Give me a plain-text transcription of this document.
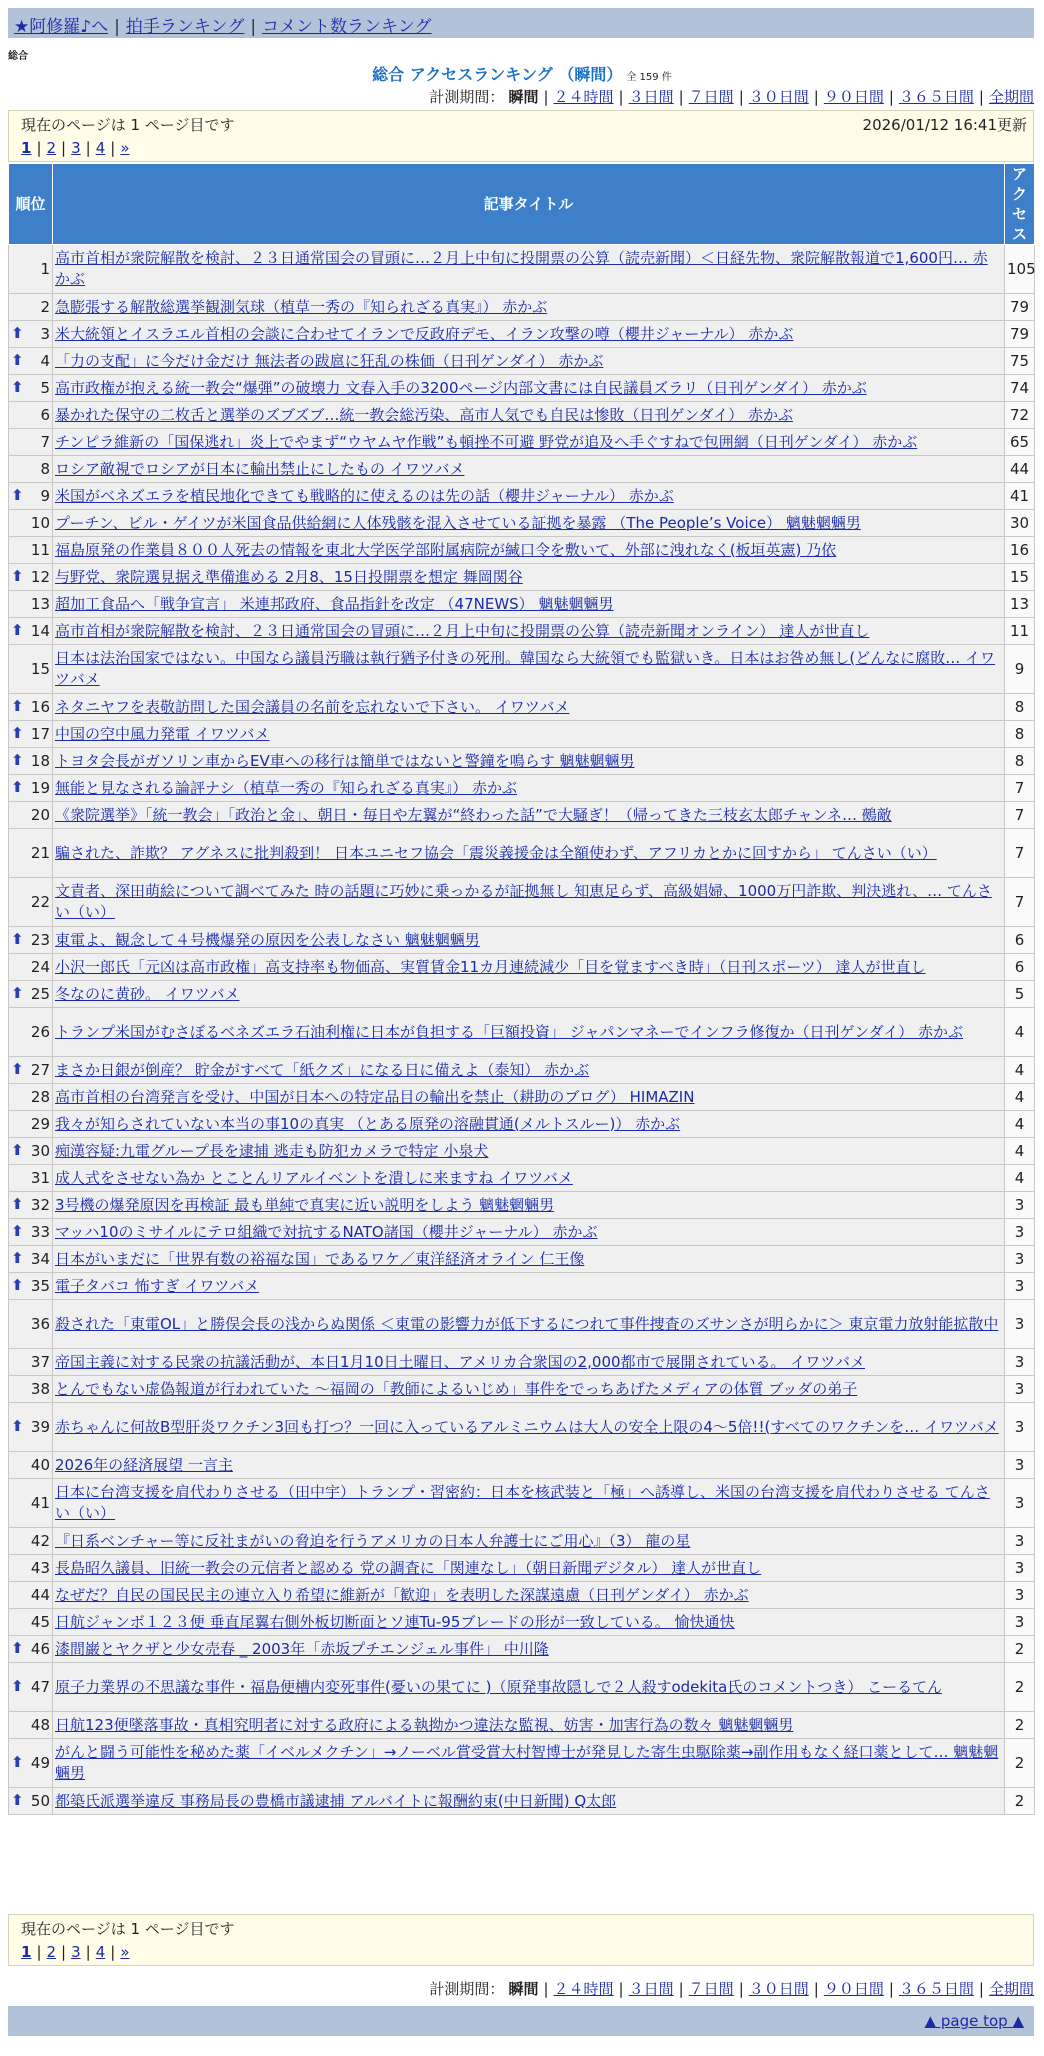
★阿修羅♪へ | 拍手ランキング | コメント数ランキング
総合
総合 アクセスランキング （瞬間） 全 159 件
計測期間： 瞬間 | ２４時間 | ３日間 | ７日間 | ３０日間 | ９０日間 | ３６５日間 | 全期間
現在のページは 1 ページ目です	2026/01/12 16:41更新
1 | 2 | 3 | 4 | »
順位	記事タイトル	アクセス
1	高市首相が衆院解散を検討、２３日通常国会の冒頭に…２月上中旬に投開票の公算（読売新聞）＜日経先物、衆院解散報道で1,600円… 赤かぶ	105
2	急膨張する解散総選挙観測気球（植草一秀の『知られざる真実』） 赤かぶ	79

⬆ 3	米大統領とイスラエル首相の会談に合わせてイランで反政府デモ、イラン攻撃の噂（櫻井ジャーナル） 赤かぶ	79

⬆ 4	「力の支配」に今だけ金だけ 無法者の跋扈に狂乱の株価（日刊ゲンダイ） 赤かぶ	75

⬆ 5	高市政権が抱える統一教会“爆弾”の破壊力 文春入手の3200ページ内部文書には自民議員ズラリ（日刊ゲンダイ） 赤かぶ	74
6	暴かれた保守の二枚舌と選挙のズブズブ…統一教会総汚染、高市人気でも自民は惨敗（日刊ゲンダイ） 赤かぶ	72
7	チンピラ維新の「国保逃れ」炎上でやまず“ウヤムヤ作戦”も頓挫不可避 野党が追及へ手ぐすねで包囲網（日刊ゲンダイ） 赤かぶ	65
8	ロシア敵視でロシアが日本に輸出禁止にしたもの イワツバメ	44

⬆ 9	米国がベネズエラを植民地化できても戦略的に使えるのは先の話（櫻井ジャーナル） 赤かぶ	41
10	プーチン、ビル・ゲイツが米国食品供給網に人体残骸を混入させている証拠を暴露 （The People’s Voice） 魑魅魍魎男	30
11	福島原発の作業員８００人死去の情報を東北大学医学部附属病院が緘口令を敷いて、外部に洩れなく(板垣英憲) 乃依	16

⬆ 12	与野党、衆院選見据え準備進める 2月8、15日投開票を想定 舞岡関谷	15
13	超加工食品へ「戦争宣言」 米連邦政府、食品指針を改定 （47NEWS） 魑魅魍魎男	13

⬆ 14	高市首相が衆院解散を検討、２３日通常国会の冒頭に…２月上中旬に投開票の公算（読売新聞オンライン） 達人が世直し	11
15	日本は法治国家ではない。中国なら議員汚職は執行猶予付きの死刑。韓国なら大統領でも監獄いき。日本はお咎め無し(どんなに腐敗… イワツバメ	9

⬆ 16	ネタニヤフを表敬訪問した国会議員の名前を忘れないで下さい。 イワツバメ	8

⬆ 17	中国の空中風力発電 イワツバメ	8

⬆ 18	トヨタ会長がガソリン車からEV車への移行は簡単ではないと警鐘を鳴らす 魑魅魍魎男	8

⬆ 19	無能と見なされる論評ナシ（植草一秀の『知られざる真実』） 赤かぶ	7
20	《衆院選挙》「統一教会」「政治と金」、朝日・毎日や左翼が“終わった話”で大騒ぎ！（帰ってきた三枝玄太郎チャンネ… 鵺敵	7
21	騙された、詐欺？ アグネスに批判殺到！ 日本ユニセフ協会「震災義援金は全額使わず、アフリカとかに回すから」 てんさい（い）	7
22	文責者、深田萌絵について調べてみた 時の話題に巧妙に乗っかるが証拠無し 知恵足らず、高級娼婦、1000万円詐欺、判決逃れ、… てんさい（い）	7

⬆ 23	東電よ、観念して４号機爆発の原因を公表しなさい 魑魅魍魎男	6
24	小沢一郎氏「元凶は高市政権」高支持率も物価高、実質賃金11カ月連続減少「目を覚ますべき時」（日刊スポーツ） 達人が世直し	6

⬆ 25	冬なのに黄砂。 イワツバメ	5
26	トランプ米国がむさぼるベネズエラ石油利権に日本が負担する「巨額投資」 ジャパンマネーでインフラ修復か（日刊ゲンダイ） 赤かぶ	4

⬆ 27	まさか日銀が倒産？ 貯金がすべて「紙クズ」になる日に備えよ（泰知） 赤かぶ	4
28	高市首相の台湾発言を受け、中国が日本への特定品目の輸出を禁止（耕助のブログ） HIMAZIN	4
29	我々が知らされていない本当の事10の真実 （とある原発の溶融貫通(メルトスルー)） 赤かぶ	4

⬆ 30	痴漢容疑:九電グループ長を逮捕 逃走も防犯カメラで特定 小泉犬	4
31	成人式をさせない為か とことんリアルイベントを潰しに来ますね イワツバメ	4

⬆ 32	3号機の爆発原因を再検証 最も単純で真実に近い説明をしよう 魑魅魍魎男	3

⬆ 33	マッハ10のミサイルにテロ組織で対抗するNATO諸国（櫻井ジャーナル） 赤かぶ	3

⬆ 34	日本がいまだに「世界有数の裕福な国」であるワケ／東洋経済オライン 仁王像	3

⬆ 35	電子タバコ 怖すぎ イワツバメ	3
36	殺された「東電OL」と勝俣会長の浅からぬ関係 ＜東電の影響力が低下するにつれて事件捜査のズサンさが明らかに＞ 東京電力放射能拡散中	3
37	帝国主義に対する民衆の抗議活動が、本日1月10日土曜日、アメリカ合衆国の2,000都市で展開されている。 イワツバメ	3
38	とんでもない虚偽報道が行われていた ～福岡の「教師によるいじめ」事件をでっちあげたメディアの体質 ブッダの弟子	3

⬆ 39	赤ちゃんに何故B型肝炎ワクチン3回も打つ？一回に入っているアルミニウムは大人の安全上限の4～5倍!!(すべてのワクチンを… イワツバメ	3
40	2026年の経済展望 一言主	3
41	日本に台湾支援を肩代わりさせる（田中宇）トランプ・習密約：日本を核武装と「極」へ誘導し、米国の台湾支援を肩代わりさせる てんさい（い）	3
42	『日系ベンチャー等に反社まがいの脅迫を行うアメリカの日本人弁護士にご用心』（3） 龍の星	3
43	長島昭久議員、旧統一教会の元信者と認める 党の調査に「関連なし」（朝日新聞デジタル） 達人が世直し	3
44	なぜだ？自民の国民民主の連立入り希望に維新が「歓迎」を表明した深謀遠慮（日刊ゲンダイ） 赤かぶ	3
45	日航ジャンボ１２３便 垂直尾翼右側外板切断面とソ連Tu-95ブレードの形が一致している。 愉快通快	3

⬆ 46	漆間巌とヤクザと少女売春 _ 2003年「赤坂プチエンジェル事件」 中川隆	2

⬆ 47	原子力業界の不思議な事件・福島便槽内変死事件(憂いの果てに )（原発事故隠しで２人殺すodekita氏のコメントつき） こーるてん	2
48	日航123便墜落事故・真相究明者に対する政府による執拗かつ違法な監視、妨害・加害行為の数々 魑魅魍魎男	2

⬆ 49	がんと闘う可能性を秘めた薬「イベルメクチン」→ノーベル賞受賞大村智博士が発見した寄生虫駆除薬→副作用もなく経口薬として… 魑魅魍魎男	2

⬆ 50	都築氏派選挙違反 事務局長の豊橋市議逮捕 アルバイトに報酬約束(中日新聞) Q太郎	2
計測期間： 瞬間 | ２４時間 | ３日間 | ７日間 | ３０日間 | ９０日間 | ３６５日間 | 全期間
▲ page top ▲
現在のページは 1 ページ目です
1 | 2 | 3 | 4 | »
